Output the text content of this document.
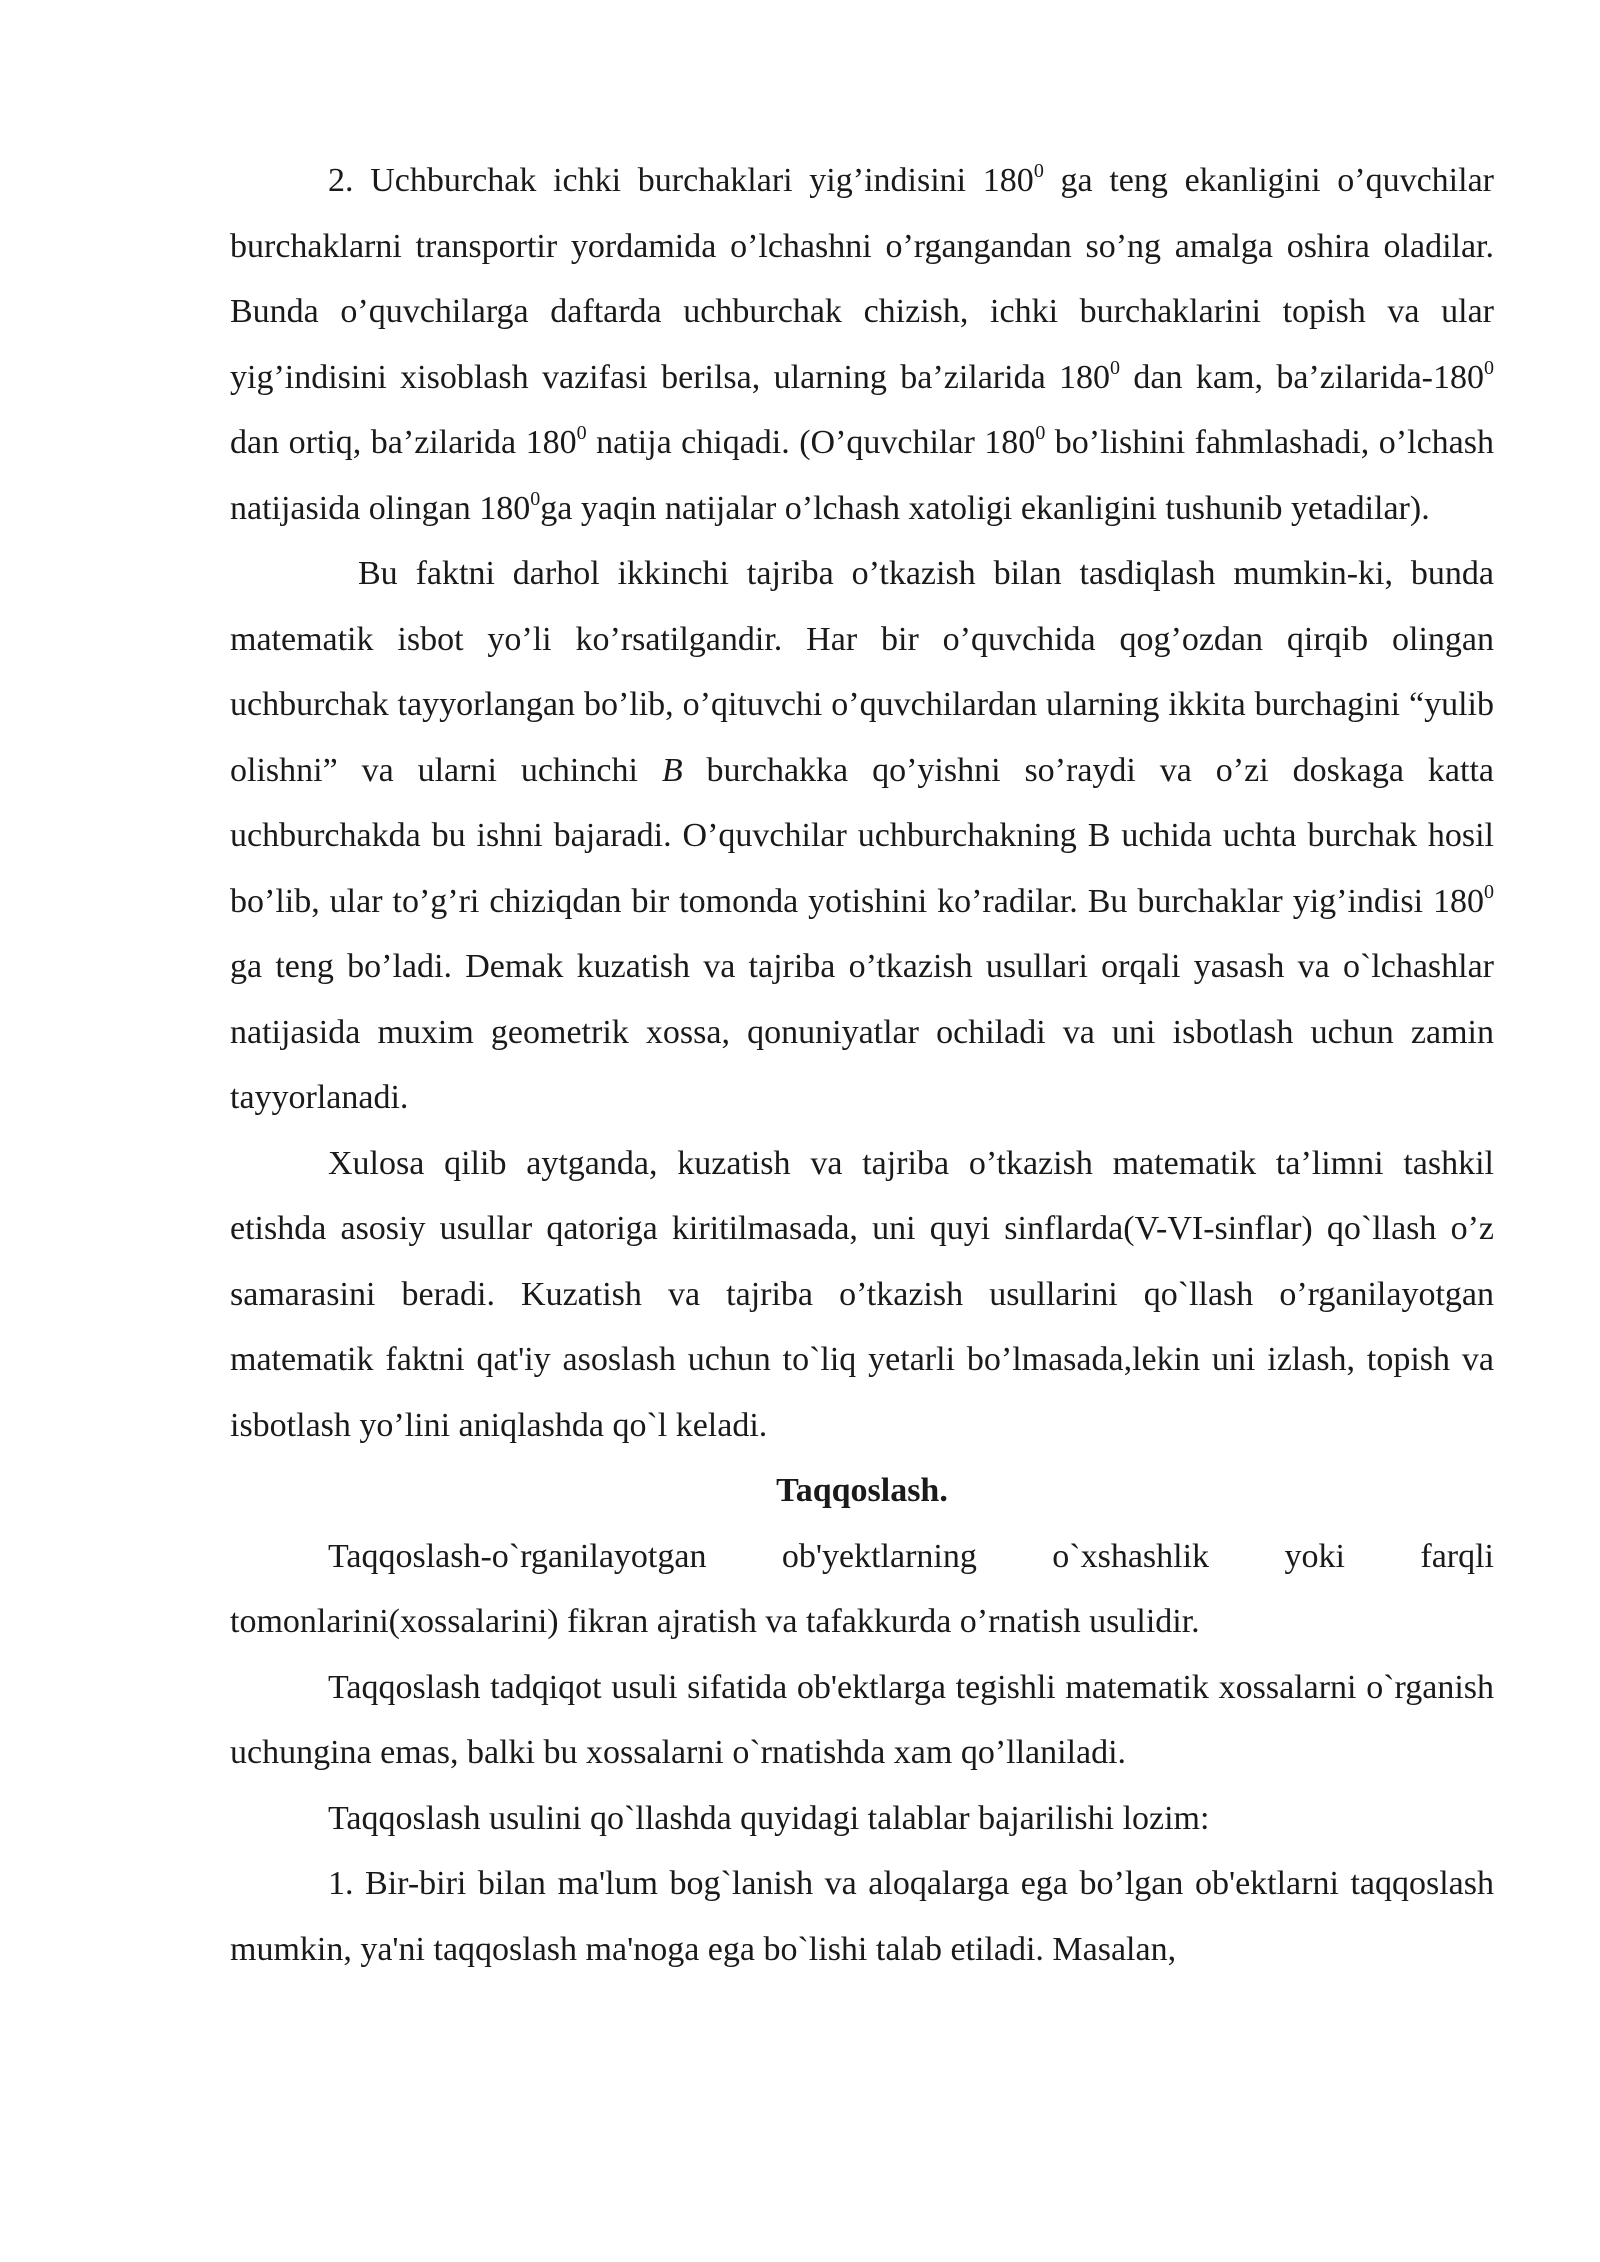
2. Uchburchak ichki burchaklari yig’indisini $180^0$ ga teng ekanligini o’quvchilar burchaklarni transportir yordamida o’lchashni o’rgangandan so’ng amalga oshira oladilar. Bunda o’quvchilarga daftarda uchburchak chizish, ichki burchaklarini topish va ular yig’indisini xisoblash vazifasi berilsa, ularning ba’zilarida $180^0$ dan kam, $ba’zilarida-180^0$ dan ortiq, ba’zilarida $180^0$ natija chiqadi. (O’quvchilar $180^0$ bo’lishini fahmlashadi, o’lchash natijasida olingan $180^0ga$ yaqin natijalar o’lchash xatoligi ekanligini tushunib yetadilar).

Bu faktni darhol ikkinchi tajriba o’tkazish bilan tasdiqlash mumkin-ki, bunda matematik isbot yo’li ko’rsatilgandir. Har bir o’quvchida qog’ozdan qirqib olingan uchburchak tayyorlangan bo’lib, o’qituvchi o’quvchilardan ularning ikkita burchagini “yulib olishni” va ularni uchinchi B burchakka qo’yishni so’raydi va o’zi doskaga katta uchburchakda bu ishni bajaradi. O’quvchilar uchburchakning B uchida uchta burchak hosil bo’lib, ular to’g’ri chiziqdan bir tomonda yotishini ko’radilar. Bu burchaklar yig’indisi $180^0$ ga teng bo’ladi. Demak kuzatish va tajriba o’tkazish usullari orqali yasash va o`lchashlar natijasida muxim geometrik xossa, qonuniyatlar ochiladi va uni isbotlash uchun zamin tayyorlanadi.

Xulosa qilib aytganda, kuzatish va tajriba o’tkazish matematik ta’limni tashkil etishda asosiy usullar qatoriga kiritilmasada, uni quyi sinflarda(V-VI-sinflar) qo`llash o’z samarasini beradi. Kuzatish va tajriba o’tkazish usullarini qo`llash o’rganilayotgan matematik faktni qat'iy asoslash uchun to`liq yetarli bo’lmasada,lekin uni izlash, topish va isbotlash yo’lini aniqlashda qo`l keladi.

Taqqoslash.

Taqqoslash-o`rganilayotgan ob'yektlarning o`xshashlik yoki farqli tomonlarini(xossalarini) fikran ajratish va tafakkurda o’rnatish usulidir.

Taqqoslash tadqiqot usuli sifatida ob'ektlarga tegishli matematik xossalarni o`rganish uchungina emas, balki bu xossalarni o`rnatishda xam qo’llaniladi.

Taqqoslash usulini qo`llashda quyidagi talablar bajarilishi lozim:

1. Bir-biri bilan ma'lum bog`lanish va aloqalarga ega bo’lgan ob'ektlarni taqqoslash mumkin, ya'ni taqqoslash ma'noga ega bo`lishi talab etiladi. Masalan,
